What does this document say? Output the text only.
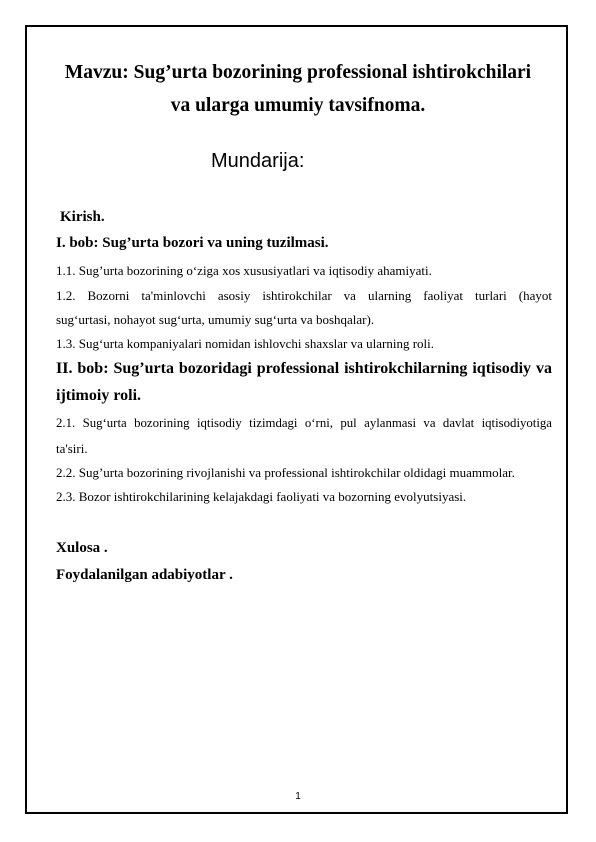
Mavzu: Sug’urta bozorining professional ishtirokchilari
va ularga umumiy tavsifnoma.
Mundarija:
Kirish.
I. bob: Sug’urta bozori va uning tuzilmasi.
1.1. Sug’urta bozorining o‘ziga xos xususiyatlari va iqtisodiy ahamiyati.
1.2. Bozorni ta'minlovchi asosiy ishtirokchilar va ularning faoliyat turlari (hayot
sug‘urtasi, nohayot sug‘urta, umumiy sug‘urta va boshqalar).
1.3. Sug‘urta kompaniyalari nomidan ishlovchi shaxslar va ularning roli.
II. bob: Sug’urta bozoridagi professional ishtirokchilarning iqtisodiy va
ijtimoiy roli.
2.1. Sug‘urta bozorining iqtisodiy tizimdagi o‘rni, pul aylanmasi va davlat iqtisodiyotiga
ta'siri.
2.2. Sug’urta bozorining rivojlanishi va professional ishtirokchilar oldidagi muammolar.
2.3. Bozor ishtirokchilarining kelajakdagi faoliyati va bozorning evolyutsiyasi.
Xulosa .
Foydalanilgan adabiyotlar .
1
